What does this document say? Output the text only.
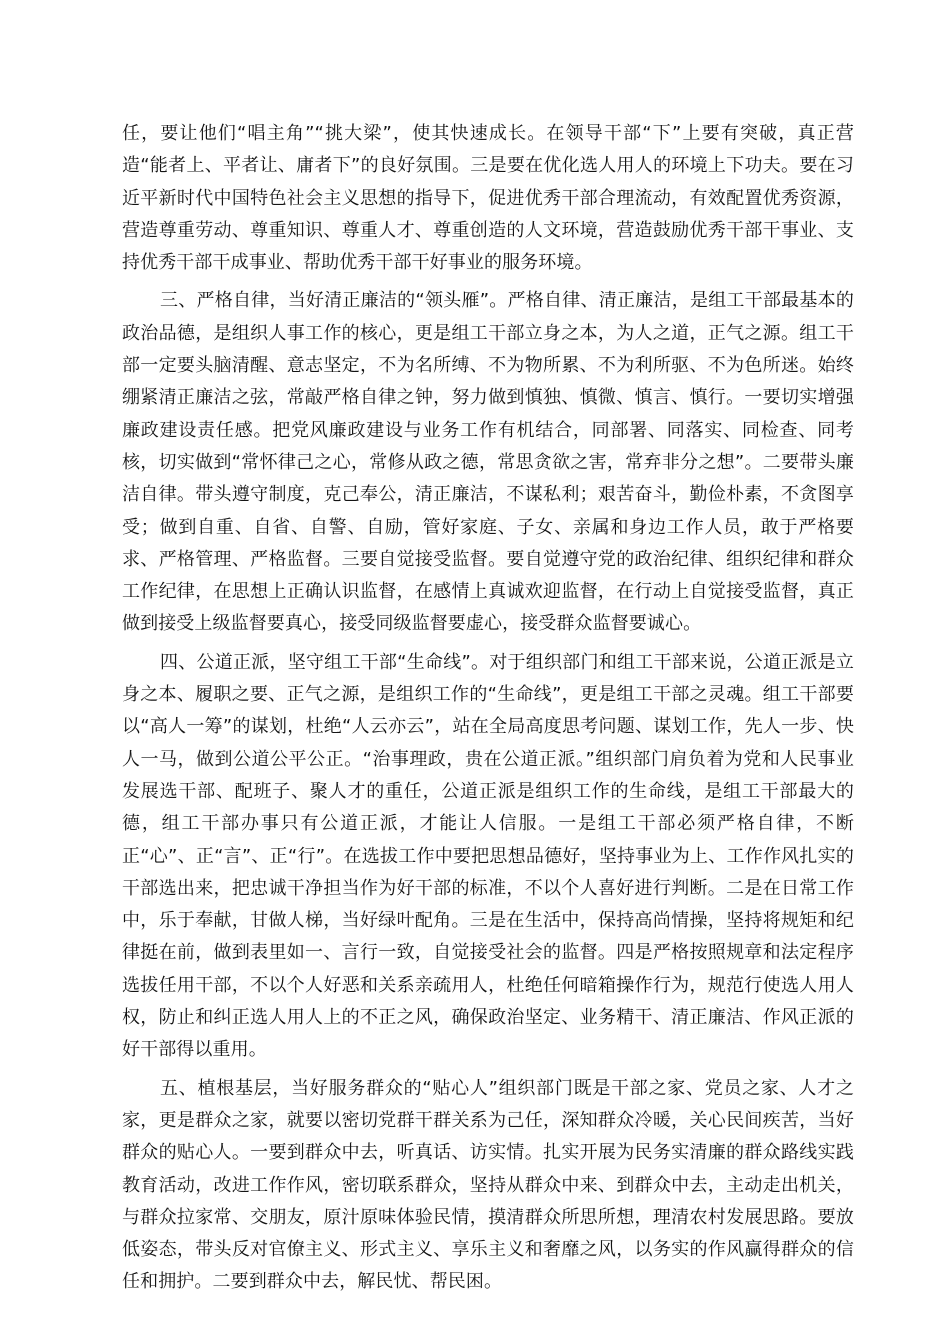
任，要让他们“唱主角”“挑大梁”，使其快速成长。在领导干部“下”上要有突破，真正营造“能者上、平者让、庸者下”的良好氛围。三是要在优化选人用人的环境上下功夫。要在习近平新时代中国特色社会主义思想的指导下，促进优秀干部合理流动，有效配置优秀资源，营造尊重劳动、尊重知识、尊重人才、尊重创造的人文环境，营造鼓励优秀干部干事业、支持优秀干部干成事业、帮助优秀干部干好事业的服务环境。

三、严格自律，当好清正廉洁的“领头雁”。严格自律、清正廉洁，是组工干部最基本的政治品德，是组织人事工作的核心，更是组工干部立身之本，为人之道，正气之源。组工干部一定要头脑清醒、意志坚定，不为名所缚、不为物所累、不为利所驱、不为色所迷。始终绷紧清正廉洁之弦，常敲严格自律之钟，努力做到慎独、慎微、慎言、慎行。一要切实增强廉政建设责任感。把党风廉政建设与业务工作有机结合，同部署、同落实、同检查、同考核，切实做到“常怀律己之心，常修从政之德，常思贪欲之害，常弃非分之想”。二要带头廉洁自律。带头遵守制度，克己奉公，清正廉洁，不谋私利；艰苦奋斗，勤俭朴素，不贪图享受；做到自重、自省、自警、自励，管好家庭、子女、亲属和身边工作人员，敢于严格要求、严格管理、严格监督。三要自觉接受监督。要自觉遵守党的政治纪律、组织纪律和群众工作纪律，在思想上正确认识监督，在感情上真诚欢迎监督，在行动上自觉接受监督，真正做到接受上级监督要真心，接受同级监督要虚心，接受群众监督要诚心。

四、公道正派，坚守组工干部“生命线”。对于组织部门和组工干部来说，公道正派是立身之本、履职之要、正气之源，是组织工作的“生命线”，更是组工干部之灵魂。组工干部要以“高人一筹”的谋划，杜绝“人云亦云”，站在全局高度思考问题、谋划工作，先人一步、快人一马，做到公道公平公正。“治事理政，贵在公道正派。”组织部门肩负着为党和人民事业发展选干部、配班子、聚人才的重任，公道正派是组织工作的生命线，是组工干部最大的德，组工干部办事只有公道正派，才能让人信服。一是组工干部必须严格自律，不断正“心”、正“言”、正“行”。在选拔工作中要把思想品德好，坚持事业为上、工作作风扎实的干部选出来，把忠诚干净担当作为好干部的标准，不以个人喜好进行判断。二是在日常工作中，乐于奉献，甘做人梯，当好绿叶配角。三是在生活中，保持高尚情操，坚持将规矩和纪律挺在前，做到表里如一、言行一致，自觉接受社会的监督。四是严格按照规章和法定程序选拔任用干部，不以个人好恶和关系亲疏用人，杜绝任何暗箱操作行为，规范行使选人用人权，防止和纠正选人用人上的不正之风，确保政治坚定、业务精干、清正廉洁、作风正派的好干部得以重用。

五、植根基层，当好服务群众的“贴心人”组织部门既是干部之家、党员之家、人才之家，更是群众之家，就要以密切党群干群关系为己任，深知群众冷暖，关心民间疾苦，当好群众的贴心人。一要到群众中去，听真话、访实情。扎实开展为民务实清廉的群众路线实践教育活动，改进工作作风，密切联系群众，坚持从群众中来、到群众中去，主动走出机关，与群众拉家常、交朋友，原汁原味体验民情，摸清群众所思所想，理清农村发展思路。要放低姿态，带头反对官僚主义、形式主义、享乐主义和奢靡之风，以务实的作风赢得群众的信任和拥护。二要到群众中去，解民忧、帮民困。
